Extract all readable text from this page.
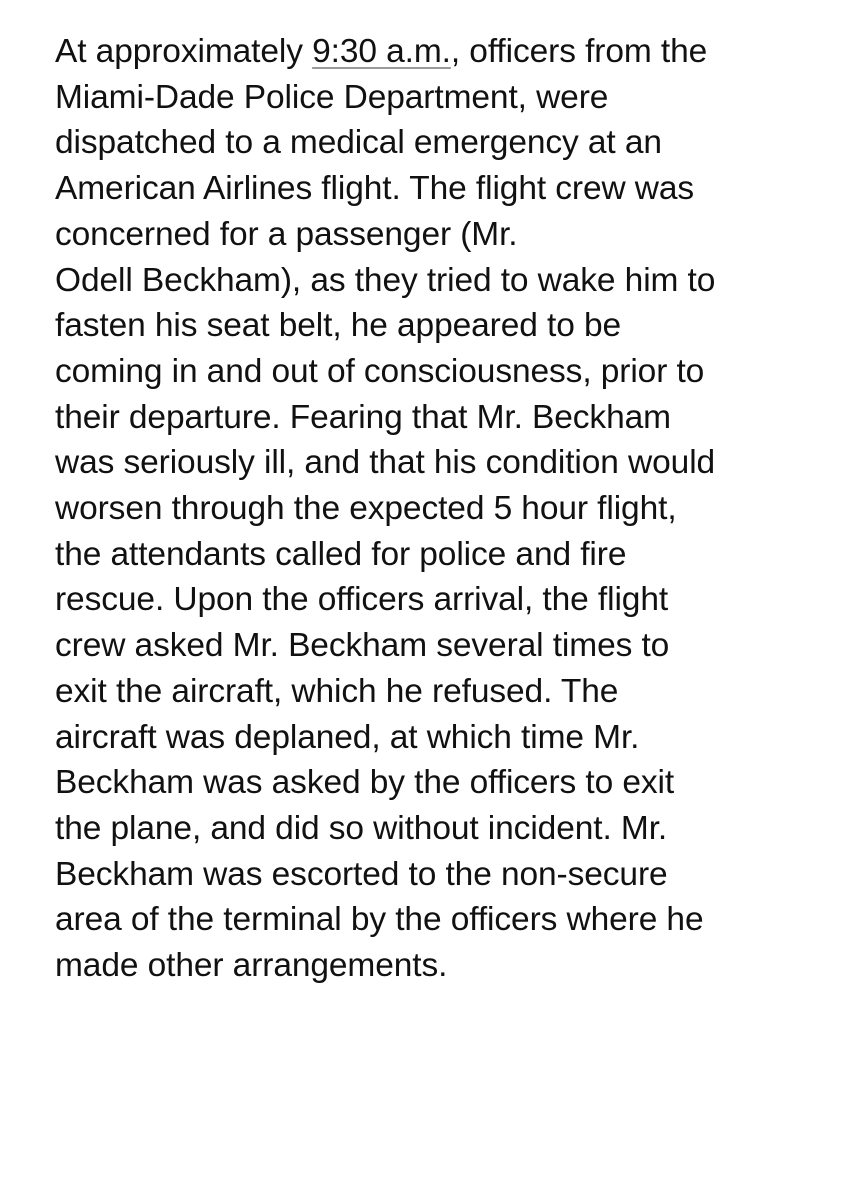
At approximately 9:30 a.m., officers from the
Miami-Dade Police Department, were
dispatched to a medical emergency at an
American Airlines flight. The flight crew was
concerned for a passenger (Mr.
Odell Beckham), as they tried to wake him to
fasten his seat belt, he appeared to be
coming in and out of consciousness, prior to
their departure. Fearing that Mr. Beckham
was seriously ill, and that his condition would
worsen through the expected 5 hour flight,
the attendants called for police and fire
rescue. Upon the officers arrival, the flight
crew asked Mr. Beckham several times to
exit the aircraft, which he refused. The
aircraft was deplaned, at which time Mr.
Beckham was asked by the officers to exit
the plane, and did so without incident. Mr.
Beckham was escorted to the non-secure
area of the terminal by the officers where he
made other arrangements.
